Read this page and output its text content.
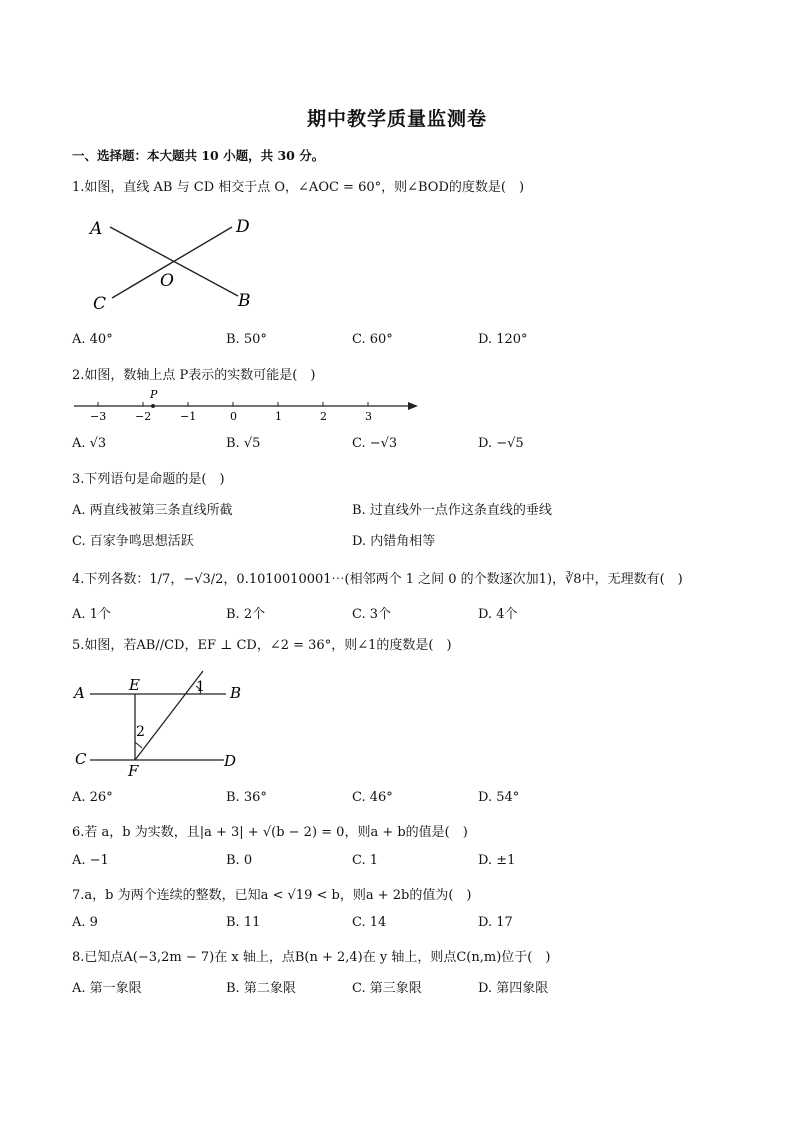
期中教学质量监测卷
一、选择题：本大题共 10 小题，共 30 分。
1.如图，直线 AB 与 CD 相交于点 O，∠AOC = 60°，则∠BOD的度数是(　)
A	D
O
C	B
A. 40°	B. 50°	C. 60°	D. 120°
2.如图，数轴上点 P表示的实数可能是(　)
P
−3	−2	−1	0	1	2	3
A. √3	B. √5	C. −√3	D. −√5
3.下列语句是命题的是(　)
A. 两直线被第三条直线所截	B. 过直线外一点作这条直线的垂线
C. 百家争鸣思想活跃	D. 内错角相等
4.下列各数：1/7，−√3/2，0.1010010001⋯(相邻两个 1 之间 0 的个数逐次加1)，∛8中，无理数有(　)
A. 1个	B. 2个	C. 3个	D. 4个
5.如图，若AB//CD，EF ⊥ CD，∠2 = 36°，则∠1的度数是(　)
A	E	1 B
2
C
F
D
A. 26°	B. 36°	C. 46°	D. 54°
6.若 a，b 为实数，且|a + 3| + √(b − 2) = 0，则a + b的值是(　)
A. −1	B. 0	C. 1	D. ±1
7.a，b 为两个连续的整数，已知a < √19 < b，则a + 2b的值为(　)
A. 9	B. 11	C. 14	D. 17
8.已知点A(−3,2m − 7)在 x 轴上，点B(n + 2,4)在 y 轴上，则点C(n,m)位于(　)
A. 第一象限	B. 第二象限	C. 第三象限	D. 第四象限
